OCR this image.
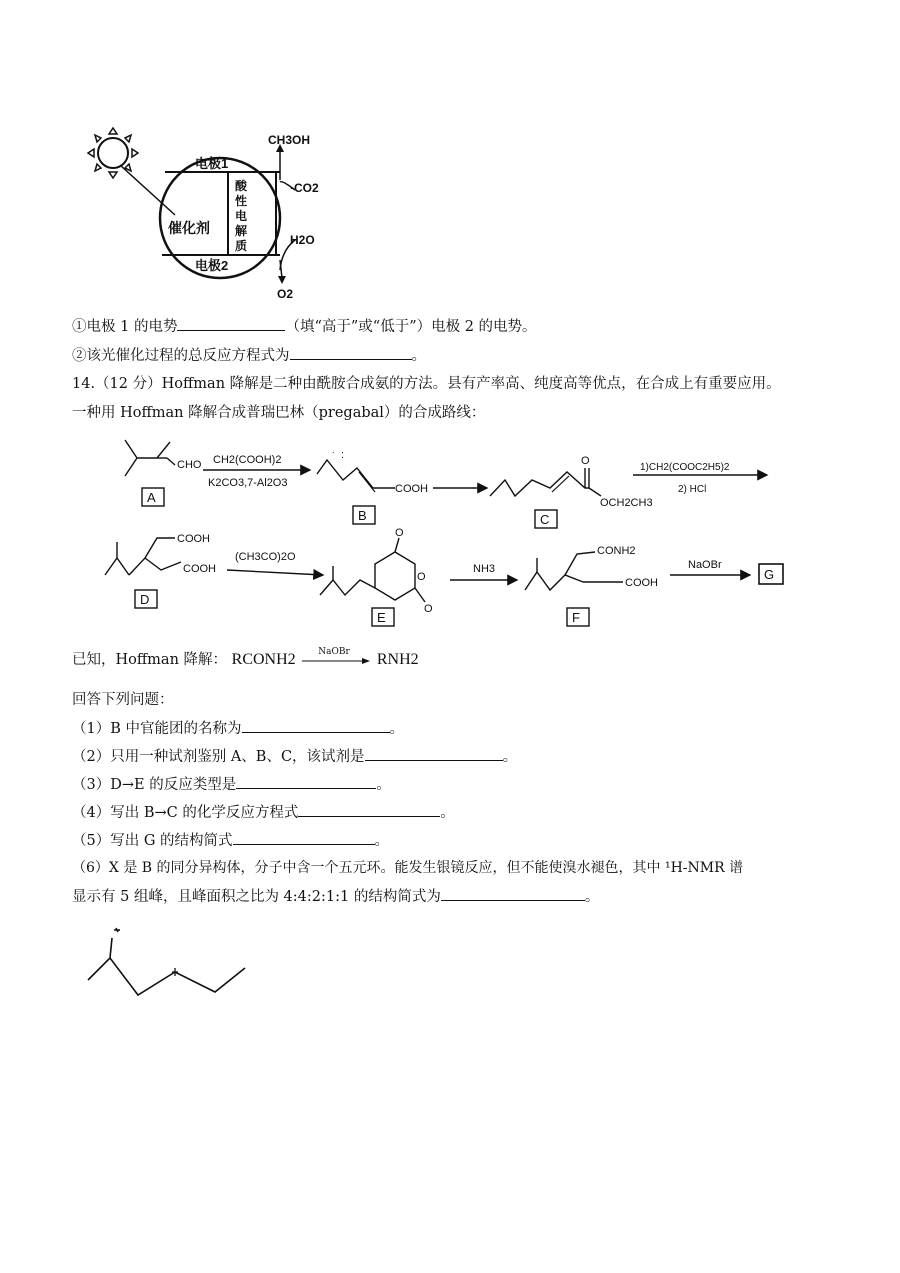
电极1
电极2
催化剂
酸
性
电
解
质
CH3OH
·CO2
H2O
O2
①电极 1 的电势	（填“高于”或“低于”）电极 2 的电势。
②该光催化过程的总反应方程式为	。
14.（12 分）Hoffman 降解是二种由酰胺合成氨的方法。县有产率高、纯度高等优点，在合成上有重要应用。
一种用 Hoffman 降解合成普瑞巴林（pregabal）的合成路线：
CHO
A
CH2(COOH)2
K2CO3,7-Al2O3
˙ :
COOH
B
O
OCH2CH3
C
1)CH2(COOC2H5)2
2) HCl
COOH
COOH
D
(CH3CO)2O
O
O
O
E
NH3
CONH2
COOH
F
NaOBr
G
已知，Hoffman 降解： RCONH2	NaOBr RNH2
回答下列问题：
（1）B 中官能团的名称为	。
（2）只用一种试剂鉴别 A、B、C，该试剂是	。
（3）D→E 的反应类型是	。
（4）写出 B→C 的化学反应方程式	。
（5）写出 G 的结构简式	。
（6）X 是 B 的同分异构体，分子中含一个五元环。能发生银镜反应，但不能使溴水褪色，其中 ¹H-NMR 谱
显示有 5 组峰，且峰面积之比为 4:4:2:1:1 的结构简式为	。
